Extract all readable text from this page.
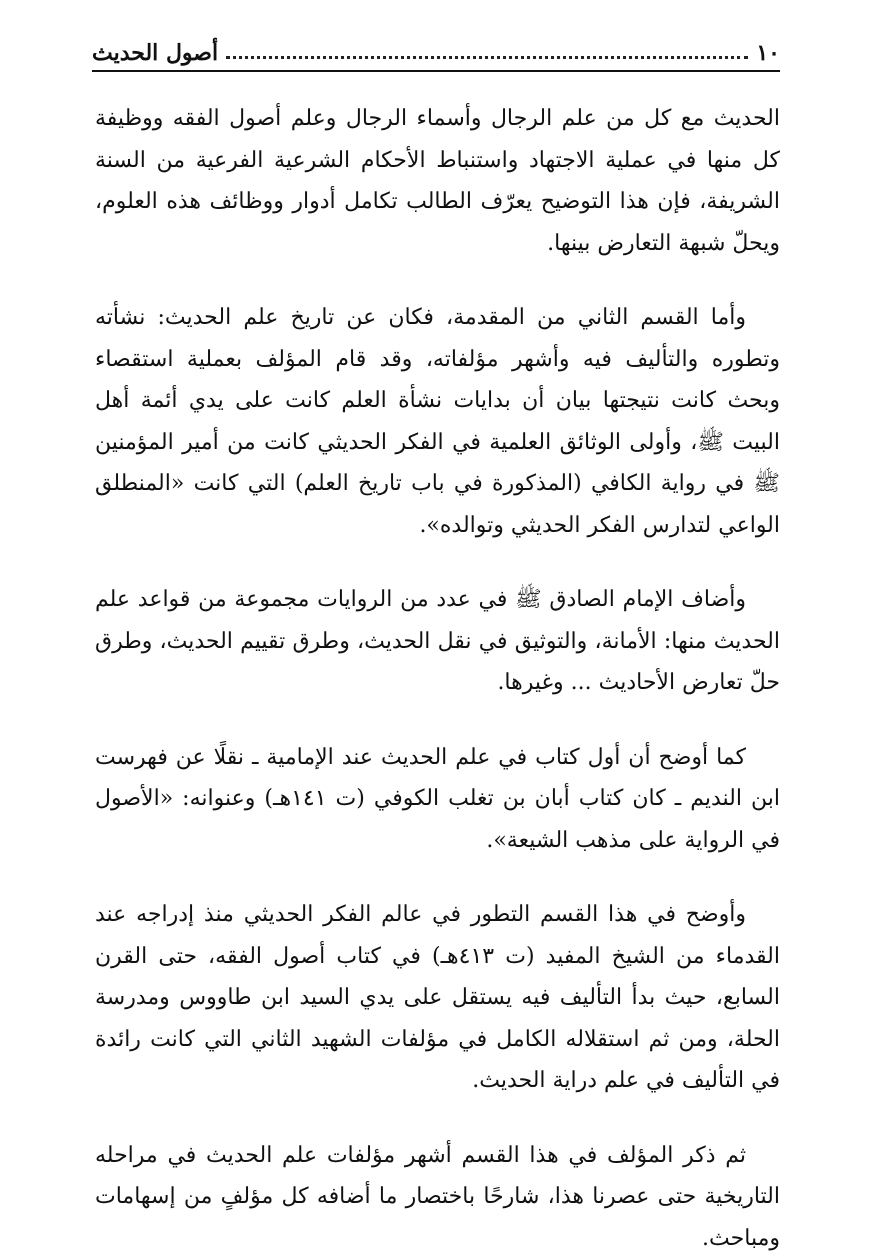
أصول الحديث	١٠

الحديث مع كل من علم الرجال وأسماء الرجال وعلم أصول الفقه ووظيفة كل منها في عملية الاجتهاد واستنباط الأحكام الشرعية الفرعية من السنة الشريفة، فإن هذا التوضيح يعرّف الطالب تكامل أدوار ووظائف هذه العلوم، ويحلّ شبهة التعارض بينها.

وأما القسم الثاني من المقدمة، فكان عن تاريخ علم الحديث: نشأته وتطوره والتأليف فيه وأشهر مؤلفاته، وقد قام المؤلف بعملية استقصاء وبحث كانت نتيجتها بيان أن بدايات نشأة العلم كانت على يدي أئمة أهل البيت ﷺ، وأولى الوثائق العلمية في الفكر الحديثي كانت من أمير المؤمنين ﷺ في رواية الكافي (المذكورة في باب تاريخ العلم) التي كانت «المنطلق الواعي لتدارس الفكر الحديثي وتوالده».

وأضاف الإمام الصادق ﷺ في عدد من الروايات مجموعة من قواعد علم الحديث منها: الأمانة، والتوثيق في نقل الحديث، وطرق تقييم الحديث، وطرق حلّ تعارض الأحاديث ... وغيرها.

كما أوضح أن أول كتاب في علم الحديث عند الإمامية ـ نقلًا عن فهرست ابن النديم ـ كان كتاب أبان بن تغلب الكوفي (ت ١٤١هـ) وعنوانه: «الأصول في الرواية على مذهب الشيعة».

وأوضح في هذا القسم التطور في عالم الفكر الحديثي منذ إدراجه عند القدماء من الشيخ المفيد (ت ٤١٣هـ) في كتاب أصول الفقه، حتى القرن السابع، حيث بدأ التأليف فيه يستقل على يدي السيد ابن طاووس ومدرسة الحلة، ومن ثم استقلاله الكامل في مؤلفات الشهيد الثاني التي كانت رائدة في التأليف في علم دراية الحديث.

ثم ذكر المؤلف في هذا القسم أشهر مؤلفات علم الحديث في مراحله التاريخية حتى عصرنا هذا، شارحًا باختصار ما أضافه كل مؤلفٍ من إسهامات ومباحث.
